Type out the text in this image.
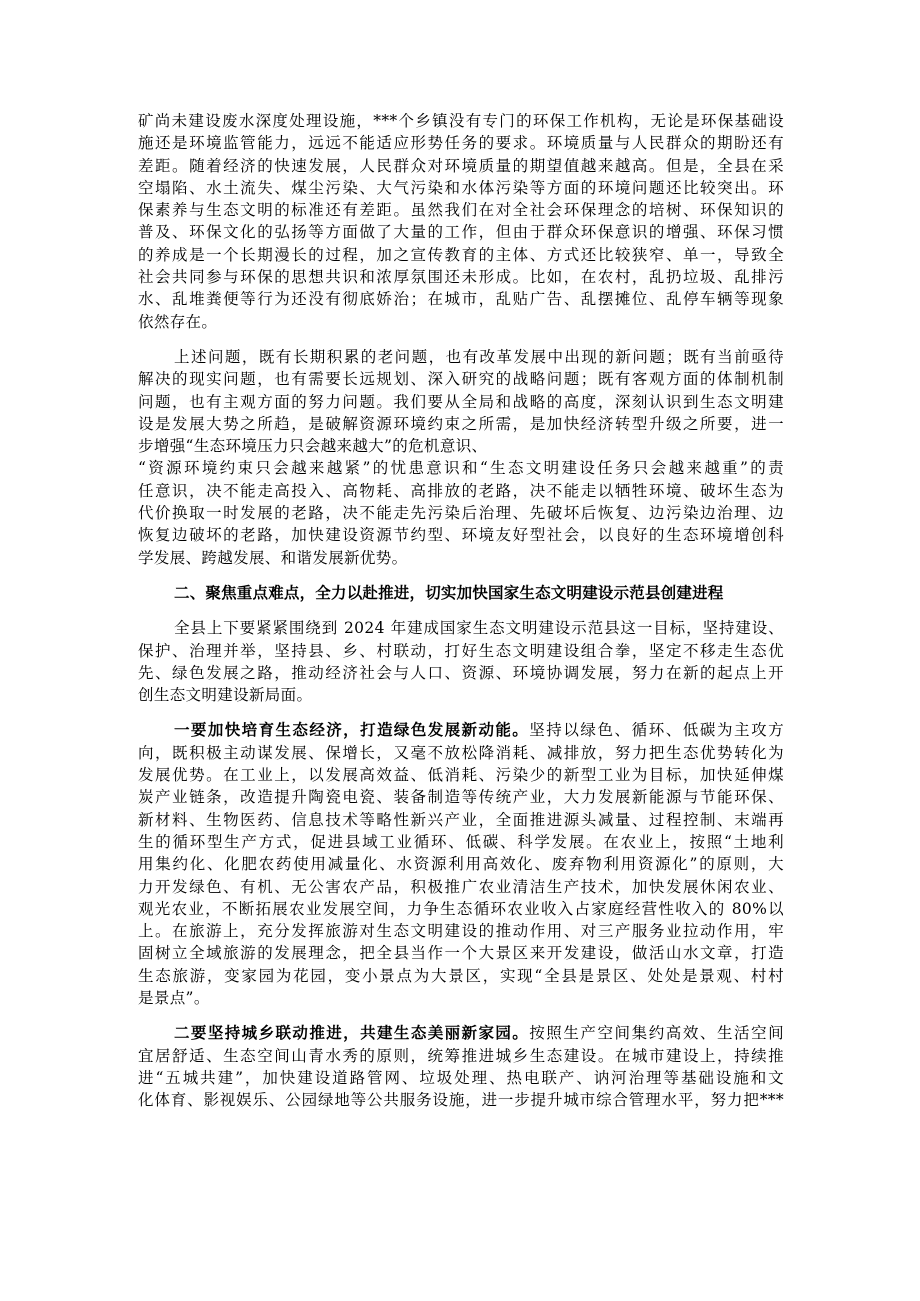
矿尚未建设废水深度处理设施，***个乡镇没有专门的环保工作机构，无论是环保基础设
施还是环境监管能力，远远不能适应形势任务的要求。环境质量与人民群众的期盼还有
差距。随着经济的快速发展，人民群众对环境质量的期望值越来越高。但是，全县在采
空塌陷、水土流失、煤尘污染、大气污染和水体污染等方面的环境问题还比较突出。环
保素养与生态文明的标准还有差距。虽然我们在对全社会环保理念的培树、环保知识的
普及、环保文化的弘扬等方面做了大量的工作，但由于群众环保意识的增强、环保习惯
的养成是一个长期漫长的过程，加之宣传教育的主体、方式还比较狭窄、单一，导致全
社会共同参与环保的思想共识和浓厚氛围还未形成。比如，在农村，乱扔垃圾、乱排污
水、乱堆粪便等行为还没有彻底娇治；在城市，乱贴广告、乱摆摊位、乱停车辆等现象
依然存在。
上述问题，既有长期积累的老问题，也有改革发展中出现的新问题；既有当前亟待
解决的现实问题，也有需要长远规划、深入研究的战略问题；既有客观方面的体制机制
问题，也有主观方面的努力问题。我们要从全局和战略的高度，深刻认识到生态文明建
设是发展大势之所趋，是破解资源环境约束之所需，是加快经济转型升级之所要，进一
步增强“生态环境压力只会越来越大”的危机意识、
“资源环境约束只会越来越紧”的忧患意识和“生态文明建设任务只会越来越重”的责
任意识，决不能走高投入、高物耗、高排放的老路，决不能走以牺牲环境、破坏生态为
代价换取一时发展的老路，决不能走先污染后治理、先破坏后恢复、边污染边治理、边
恢复边破坏的老路，加快建设资源节约型、环境友好型社会，以良好的生态环境增创科
学发展、跨越发展、和谐发展新优势。
二、聚焦重点难点，全力以赴推进，切实加快国家生态文明建设示范县创建进程
全县上下要紧紧围绕到 2024 年建成国家生态文明建设示范县这一目标，坚持建设、
保护、治理并举，坚持县、乡、村联动，打好生态文明建设组合拳，坚定不移走生态优
先、绿色发展之路，推动经济社会与人口、资源、环境协调发展，努力在新的起点上开
创生态文明建设新局面。
一要加快培育生态经济，打造绿色发展新动能。坚持以绿色、循环、低碳为主攻方
向，既积极主动谋发展、保增长，又毫不放松降消耗、减排放，努力把生态优势转化为
发展优势。在工业上，以发展高效益、低消耗、污染少的新型工业为目标，加快延伸煤
炭产业链条，改造提升陶瓷电瓷、装备制造等传统产业，大力发展新能源与节能环保、
新材料、生物医药、信息技术等略性新兴产业，全面推进源头减量、过程控制、末端再
生的循环型生产方式，促进县域工业循环、低碳、科学发展。在农业上，按照“土地利
用集约化、化肥农药使用减量化、水资源利用高效化、废弃物利用资源化”的原则，大
力开发绿色、有机、无公害农产品，积极推广农业清洁生产技术，加快发展休闲农业、
观光农业，不断拓展农业发展空间，力争生态循环农业收入占家庭经营性收入的 80%以
上。在旅游上，充分发挥旅游对生态文明建设的推动作用、对三产服务业拉动作用，牢
固树立全域旅游的发展理念，把全县当作一个大景区来开发建设，做活山水文章，打造
生态旅游，变家园为花园，变小景点为大景区，实现“全县是景区、处处是景观、村村
是景点”。
二要坚持城乡联动推进，共建生态美丽新家园。按照生产空间集约高效、生活空间
宜居舒适、生态空间山青水秀的原则，统筹推进城乡生态建设。在城市建设上，持续推
进“五城共建”，加快建设道路管网、垃圾处理、热电联产、讷河治理等基础设施和文
化体育、影视娱乐、公园绿地等公共服务设施，进一步提升城市综合管理水平，努力把***
